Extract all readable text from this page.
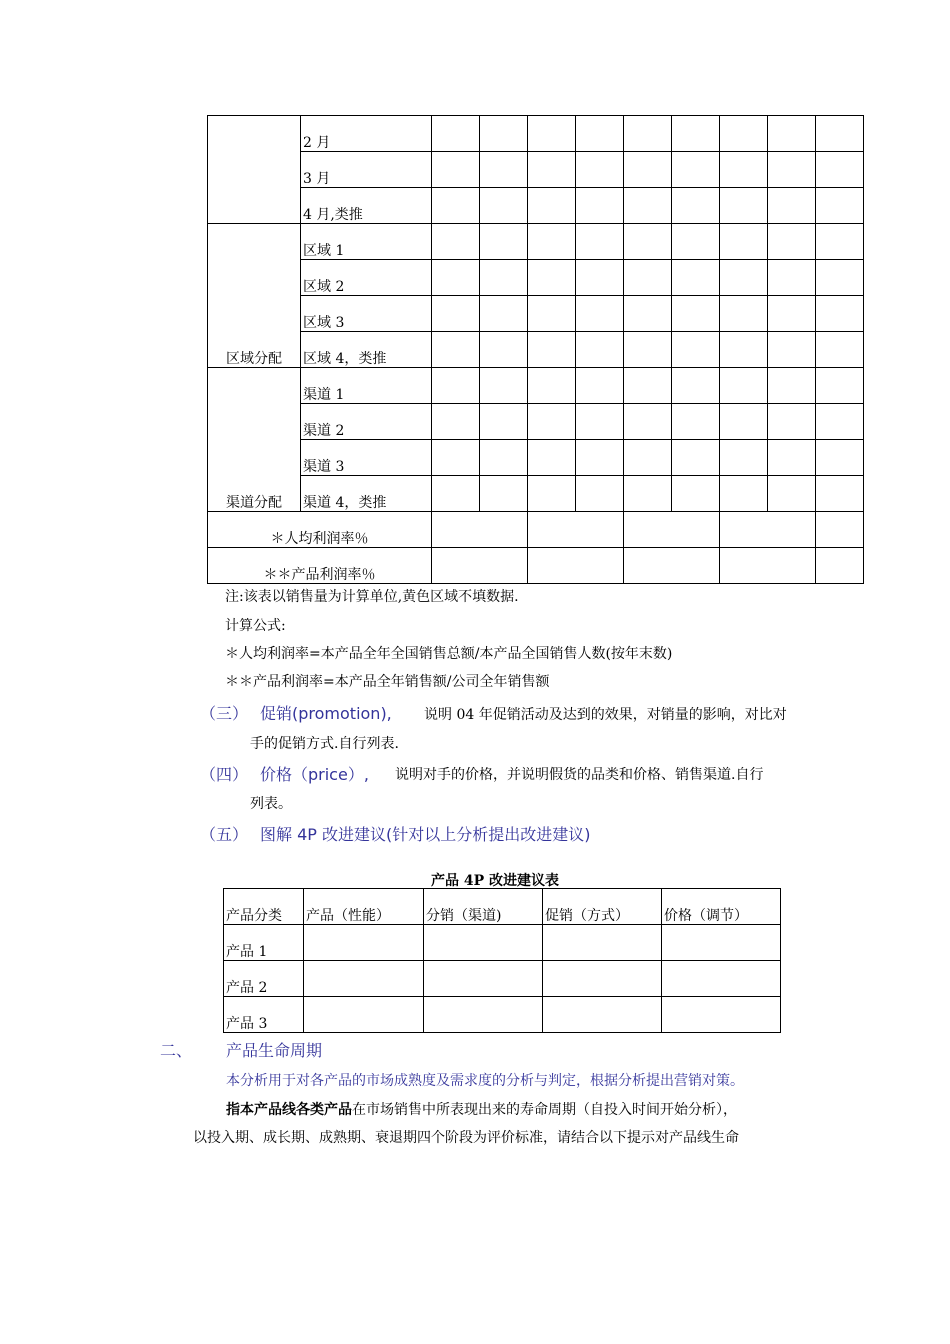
	2 月									
	3 月									
	4 月,类推									
区域分配	区域 1									
	区域 2									
	区域 3									
	区域 4，类推									
渠道分配	渠道 1									
	渠道 2									
	渠道 3									
	渠道 4，类推									
＊人均利润率％										
＊＊产品利润率％										
注:该表以销售量为计算单位,黄色区域不填数据.
计算公式:
＊人均利润率=本产品全年全国销售总额/本产品全国销售人数(按年末数)
＊＊产品利润率=本产品全年销售额/公司全年销售额
（三） 促销(promotion), 说明 04 年促销活动及达到的效果，对销量的影响，对比对
手的促销方式.自行列表.
（四） 价格（price）, 说明对手的价格，并说明假货的品类和价格、销售渠道.自行
列表。
（五） 图解 4P 改进建议(针对以上分析提出改进建议)
产品 4P 改进建议表
产品分类	产品（性能）	分销（渠道)	促销（方式）	价格（调节）
产品 1				
产品 2				
产品 3				
二、 产品生命周期
本分析用于对各产品的市场成熟度及需求度的分析与判定，根据分析提出营销对策。
指本产品线各类产品在市场销售中所表现出来的寿命周期（自投入时间开始分析），
以投入期、成长期、成熟期、衰退期四个阶段为评价标准，请结合以下提示对产品线生命
